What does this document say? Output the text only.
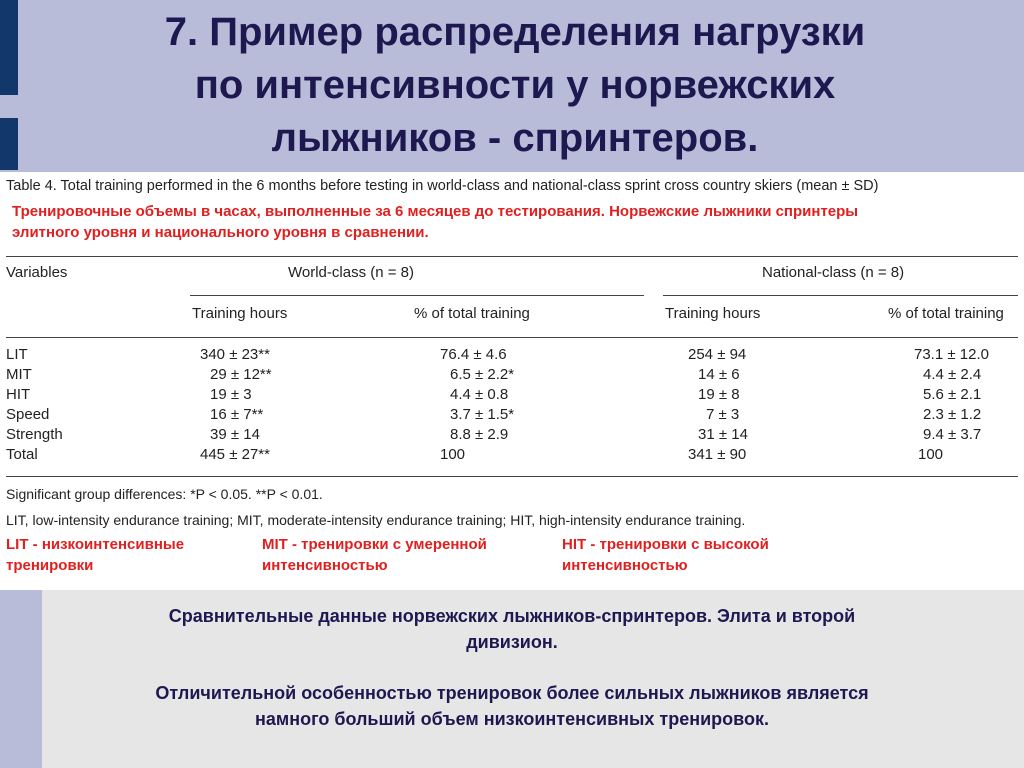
7. Пример распределения нагрузки
по интенсивности у норвежских
лыжников - спринтеров.
Table 4. Total training performed in the 6 months before testing in world-class and national-class sprint cross country skiers (mean ± SD)
Тренировочные объемы в часах, выполненные за 6 месяцев до тестирования. Норвежские лыжники спринтеры
элитного уровня и национального уровня в сравнении.
Variables	World-class (n = 8)	National-class (n = 8)
Training hours	% of total training	Training hours	% of total training
LIT	340 ± 23**	76.4 ± 4.6	254 ± 94	73.1 ± 12.0
MIT	29 ± 12**	6.5 ± 2.2*	14 ± 6	4.4 ± 2.4
HIT	19 ± 3	4.4 ± 0.8	19 ± 8	5.6 ± 2.1
Speed	16 ± 7**	3.7 ± 1.5*	7 ± 3	2.3 ± 1.2
Strength	39 ± 14	8.8 ± 2.9	31 ± 14	9.4 ± 3.7
Total	445 ± 27**	100	341 ± 90	100
Significant group differences: *P < 0.05. **P < 0.01.
LIT, low-intensity endurance training; MIT, moderate-intensity endurance training; HIT, high-intensity endurance training.
LIT - низкоинтенсивные
тренировки
MIT - тренировки с умеренной
интенсивностью
HIT - тренировки с высокой
интенсивностью
Сравнительные данные норвежских лыжников-спринтеров. Элита и второй
дивизион.
Отличительной особенностью тренировок более сильных лыжников является
намного больший объем низкоинтенсивных тренировок.
